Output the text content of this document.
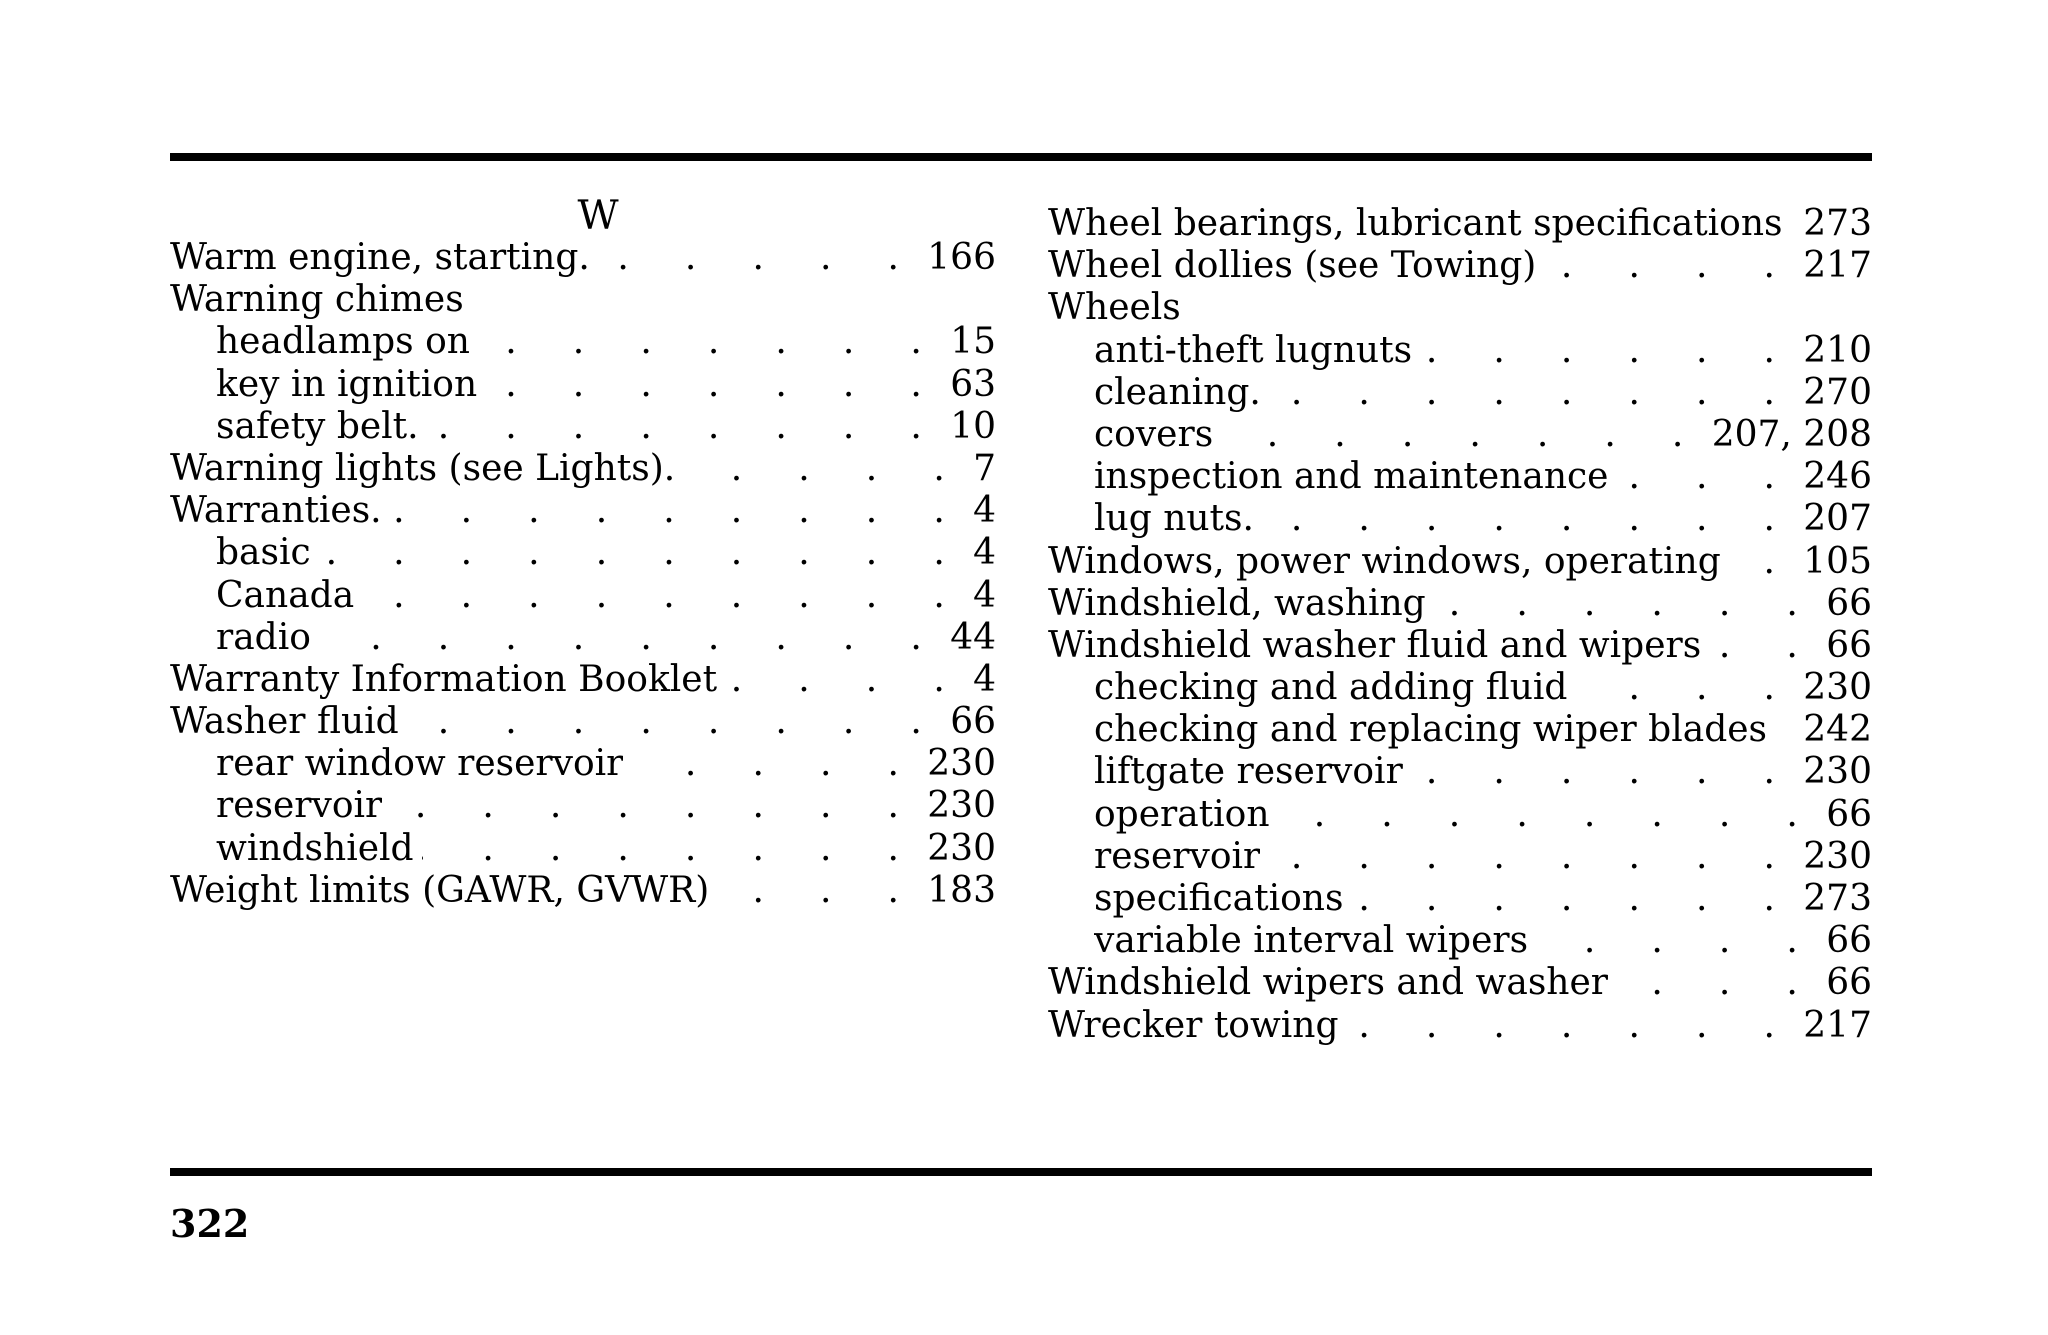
W
Warm engine, starting. . . .	166
Warning chimes
headlamps on . . .	15
key in ignition . . .	63
safety belt. . . .	10
Warning lights (see Lights). . . .	7
Warranties. . . .	4
basic . . .	4
Canada . . .	4
radio . . .	44
Warranty Information Booklet . . .	4
Washer fluid . . .	66
rear window reservoir . . .	230
reservoir . . .	230
windshield . . .	230
Weight limits (GAWR, GVWR) . . .	183
Wheel bearings, lubricant specifications . . . 273
Wheel dollies (see Towing) . . .	217
Wheels
anti-theft lugnuts . . .	210
cleaning. . . .	270
covers . . .	207, 208
inspection and maintenance . . .	246
lug nuts. . . .	207
Windows, power windows, operating . . . 105
Windshield, washing . . .	66
Windshield washer fluid and wipers . . .	66
checking and adding fluid . . .	230
checking and replacing wiper blades . . . 242
liftgate reservoir . . .	230
operation . . .	66
reservoir . . .	230
specifications . . .	273
variable interval wipers . . .	66
Windshield wipers and washer . . .	66
Wrecker towing . . .	217
322
